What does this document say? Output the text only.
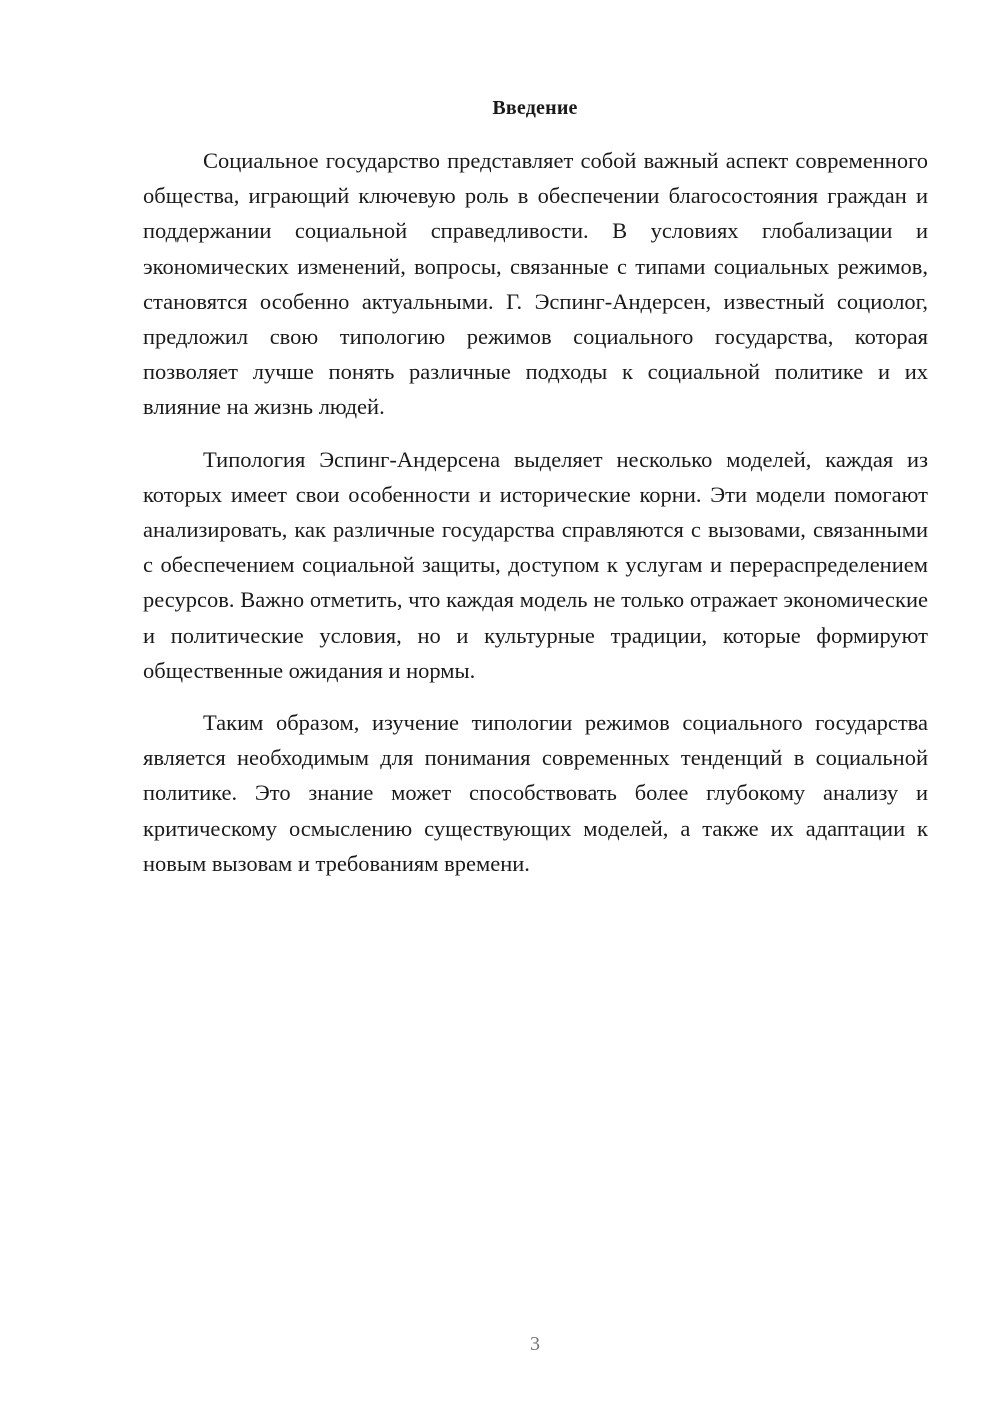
Введение

Социальное государство представляет собой важный аспект современного общества, играющий ключевую роль в обеспечении благосостояния граждан и поддержании социальной справедливости. В условиях глобализации и экономических изменений, вопросы, связанные с типами социальных режимов, становятся особенно актуальными. Г. Эспинг-Андерсен, известный социолог, предложил свою типологию режимов социального государства, которая позволяет лучше понять различные подходы к социальной политике и их влияние на жизнь людей.

Типология Эспинг-Андерсена выделяет несколько моделей, каждая из которых имеет свои особенности и исторические корни. Эти модели помогают анализировать, как различные государства справляются с вызовами, связанными с обеспечением социальной защиты, доступом к услугам и перераспределением ресурсов. Важно отметить, что каждая модель не только отражает экономические и политические условия, но и культурные традиции, которые формируют общественные ожидания и нормы.

Таким образом, изучение типологии режимов социального государства является необходимым для понимания современных тенденций в социальной политике. Это знание может способствовать более глубокому анализу и критическому осмыслению существующих моделей, а также их адаптации к новым вызовам и требованиям времени.

3
